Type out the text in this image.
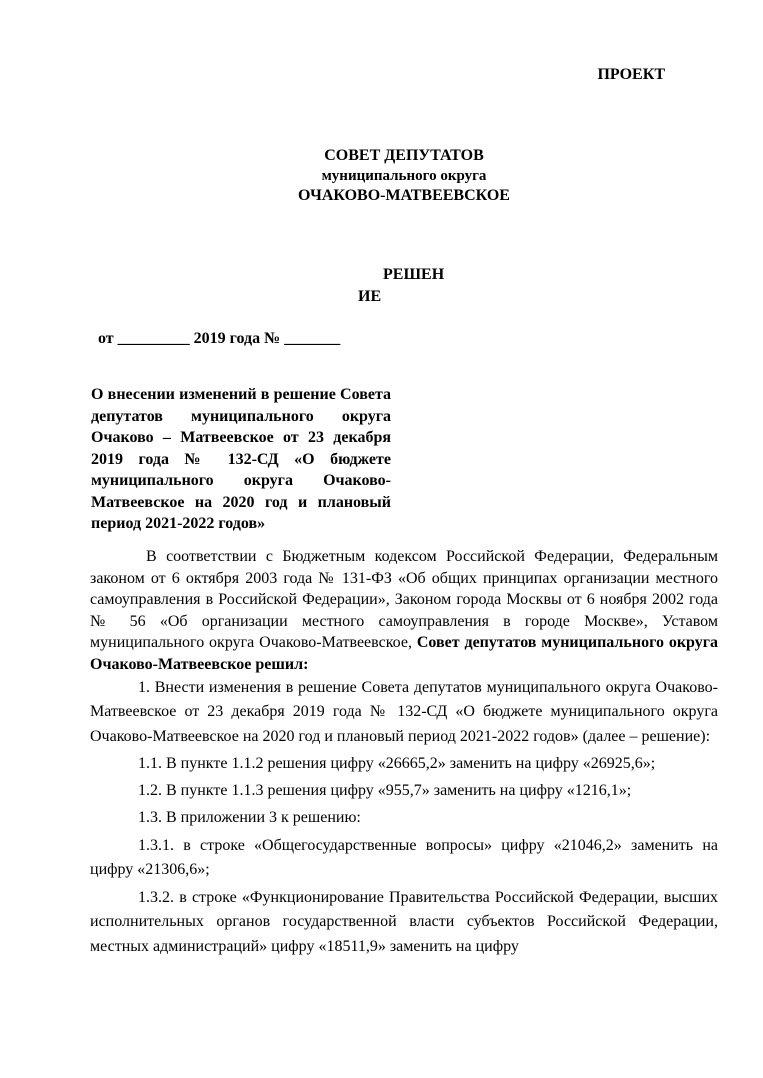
ПРОЕКТ
СОВЕТ ДЕПУТАТОВ
муниципального округа
ОЧАКОВО-МАТВЕЕВСКОЕ
РЕШЕН
ИЕ
от _________ 2019 года № _______
О внесении изменений в решение Совета депутатов муниципального округа Очаково – Матвеевское от 23 декабря 2019 года № 132-СД «О бюджете муниципального округа Очаково-Матвеевское на 2020 год и плановый период 2021-2022 годов»

В соответствии с Бюджетным кодексом Российской Федерации, Федеральным законом от 6 октября 2003 года № 131-ФЗ «Об общих принципах организации местного самоуправления в Российской Федерации», Законом города Москвы от 6 ноября 2002 года № 56 «Об организации местного самоуправления в городе Москве», Уставом муниципального округа Очаково-Матвеевское, Совет депутатов муниципального округа Очаково-Матвеевское решил:

1. Внести изменения в решение Совета депутатов муниципального округа Очаково-Матвеевское от 23 декабря 2019 года № 132-СД «О бюджете муниципального округа Очаково-Матвеевское на 2020 год и плановый период 2021-2022 годов» (далее – решение):

1.1. В пункте 1.1.2 решения цифру «26665,2» заменить на цифру «26925,6»;

1.2. В пункте 1.1.3 решения цифру «955,7» заменить на цифру «1216,1»;

1.3. В приложении 3 к решению:

1.3.1. в строке «Общегосударственные вопросы» цифру «21046,2» заменить на цифру «21306,6»;

1.3.2. в строке «Функционирование Правительства Российской Федерации, высших исполнительных органов государственной власти субъектов Российской Федерации, местных администраций» цифру «18511,9» заменить на цифру
